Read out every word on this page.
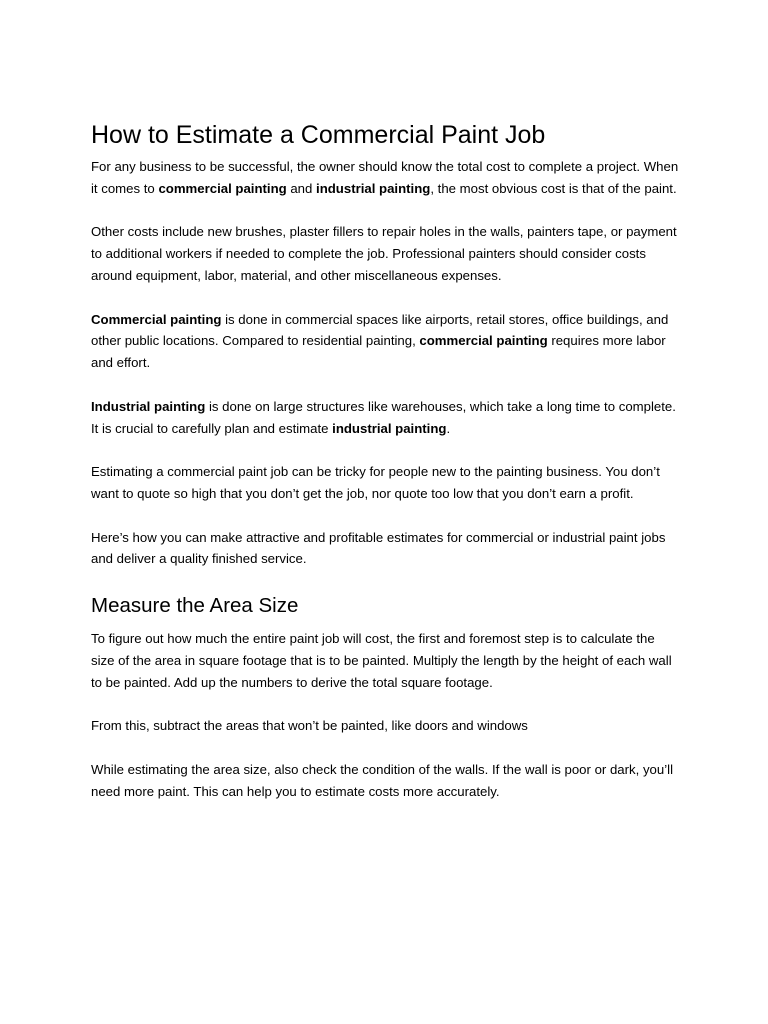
How to Estimate a Commercial Paint Job

For any business to be successful, the owner should know the total cost to complete a project. When it comes to commercial painting and industrial painting, the most obvious cost is that of the paint.

Other costs include new brushes, plaster fillers to repair holes in the walls, painters tape, or payment to additional workers if needed to complete the job. Professional painters should consider costs around equipment, labor, material, and other miscellaneous expenses.

Commercial painting is done in commercial spaces like airports, retail stores, office buildings, and other public locations. Compared to residential painting, commercial painting requires more labor and effort.

Industrial painting is done on large structures like warehouses, which take a long time to complete. It is crucial to carefully plan and estimate industrial painting.

Estimating a commercial paint job can be tricky for people new to the painting business. You don’t want to quote so high that you don’t get the job, nor quote too low that you don’t earn a profit.

Here’s how you can make attractive and profitable estimates for commercial or industrial paint jobs and deliver a quality finished service.

Measure the Area Size

To figure out how much the entire paint job will cost, the first and foremost step is to calculate the size of the area in square footage that is to be painted. Multiply the length by the height of each wall to be painted. Add up the numbers to derive the total square footage.

From this, subtract the areas that won’t be painted, like doors and windows

While estimating the area size, also check the condition of the walls. If the wall is poor or dark, you’ll need more paint. This can help you to estimate costs more accurately.
